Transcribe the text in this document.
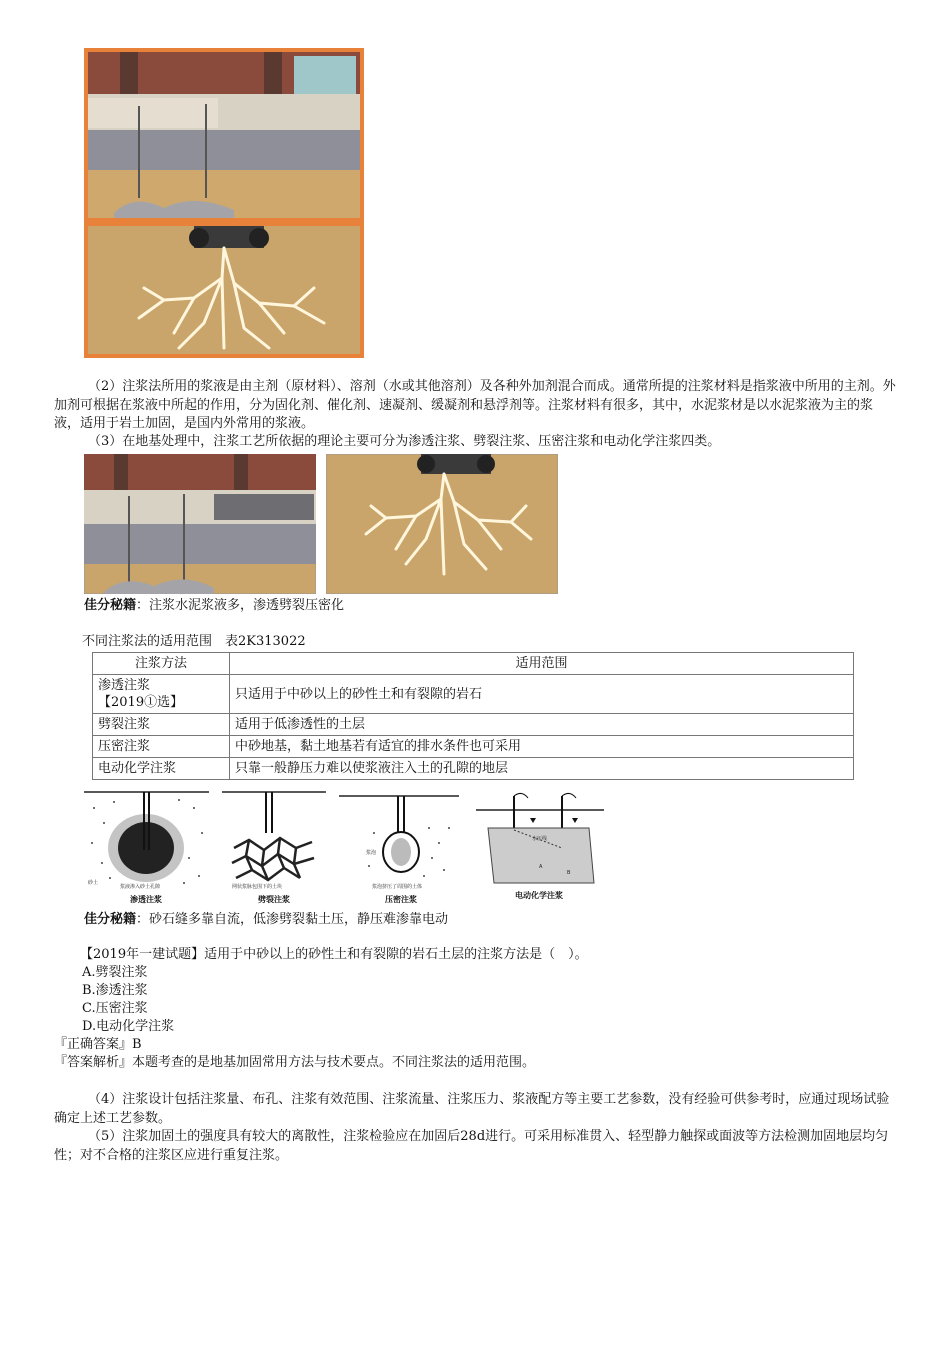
（2）注浆法所用的浆液是由主剂（原材料）、溶剂（水或其他溶剂）及各种外加剂混合而成。通常所提的注浆材料是指浆液中所用的主剂。外加剂可根据在浆液中所起的作用，分为固化剂、催化剂、速凝剂、缓凝剂和悬浮剂等。注浆材料有很多，其中，水泥浆材是以水泥浆液为主的浆液，适用于岩土加固，是国内外常用的浆液。
（3）在地基处理中，注浆工艺所依据的理论主要可分为渗透注浆、劈裂注浆、压密注浆和电动化学注浆四类。
佳分秘籍：注浆水泥浆液多，渗透劈裂压密化
不同注浆法的适用范围　表2K313022
注浆方法	适用范围

渗透注浆
【2019①选】	只适用于中砂以上的砂性土和有裂隙的岩石
劈裂注浆	适用于低渗透性的土层
压密注浆	中砂地基，黏土地基若有适宜的排水条件也可采用
电动化学注浆	只靠一般静压力难以使浆液注入土的孔隙的地层
砂土
浆液渗入砂土孔隙
渗透注浆
网状浆脉包围下的土块
劈裂注浆
浆泡
浆泡挤压了周围的土体
压密注浆
水压线
A
B
电动化学注浆
佳分秘籍：砂石缝多靠自流，低渗劈裂黏土压，静压难渗靠电动
【2019年一建试题】适用于中砂以上的砂性土和有裂隙的岩石土层的注浆方法是（　）。
A.劈裂注浆
B.渗透注浆
C.压密注浆
D.电动化学注浆
『正确答案』B
『答案解析』本题考查的是地基加固常用方法与技术要点。不同注浆法的适用范围。
（4）注浆设计包括注浆量、布孔、注浆有效范围、注浆流量、注浆压力、浆液配方等主要工艺参数，没有经验可供参考时，应通过现场试验确定上述工艺参数。
（5）注浆加固土的强度具有较大的离散性，注浆检验应在加固后28d进行。可采用标准贯入、轻型静力触探或面波等方法检测加固地层均匀性；对不合格的注浆区应进行重复注浆。
